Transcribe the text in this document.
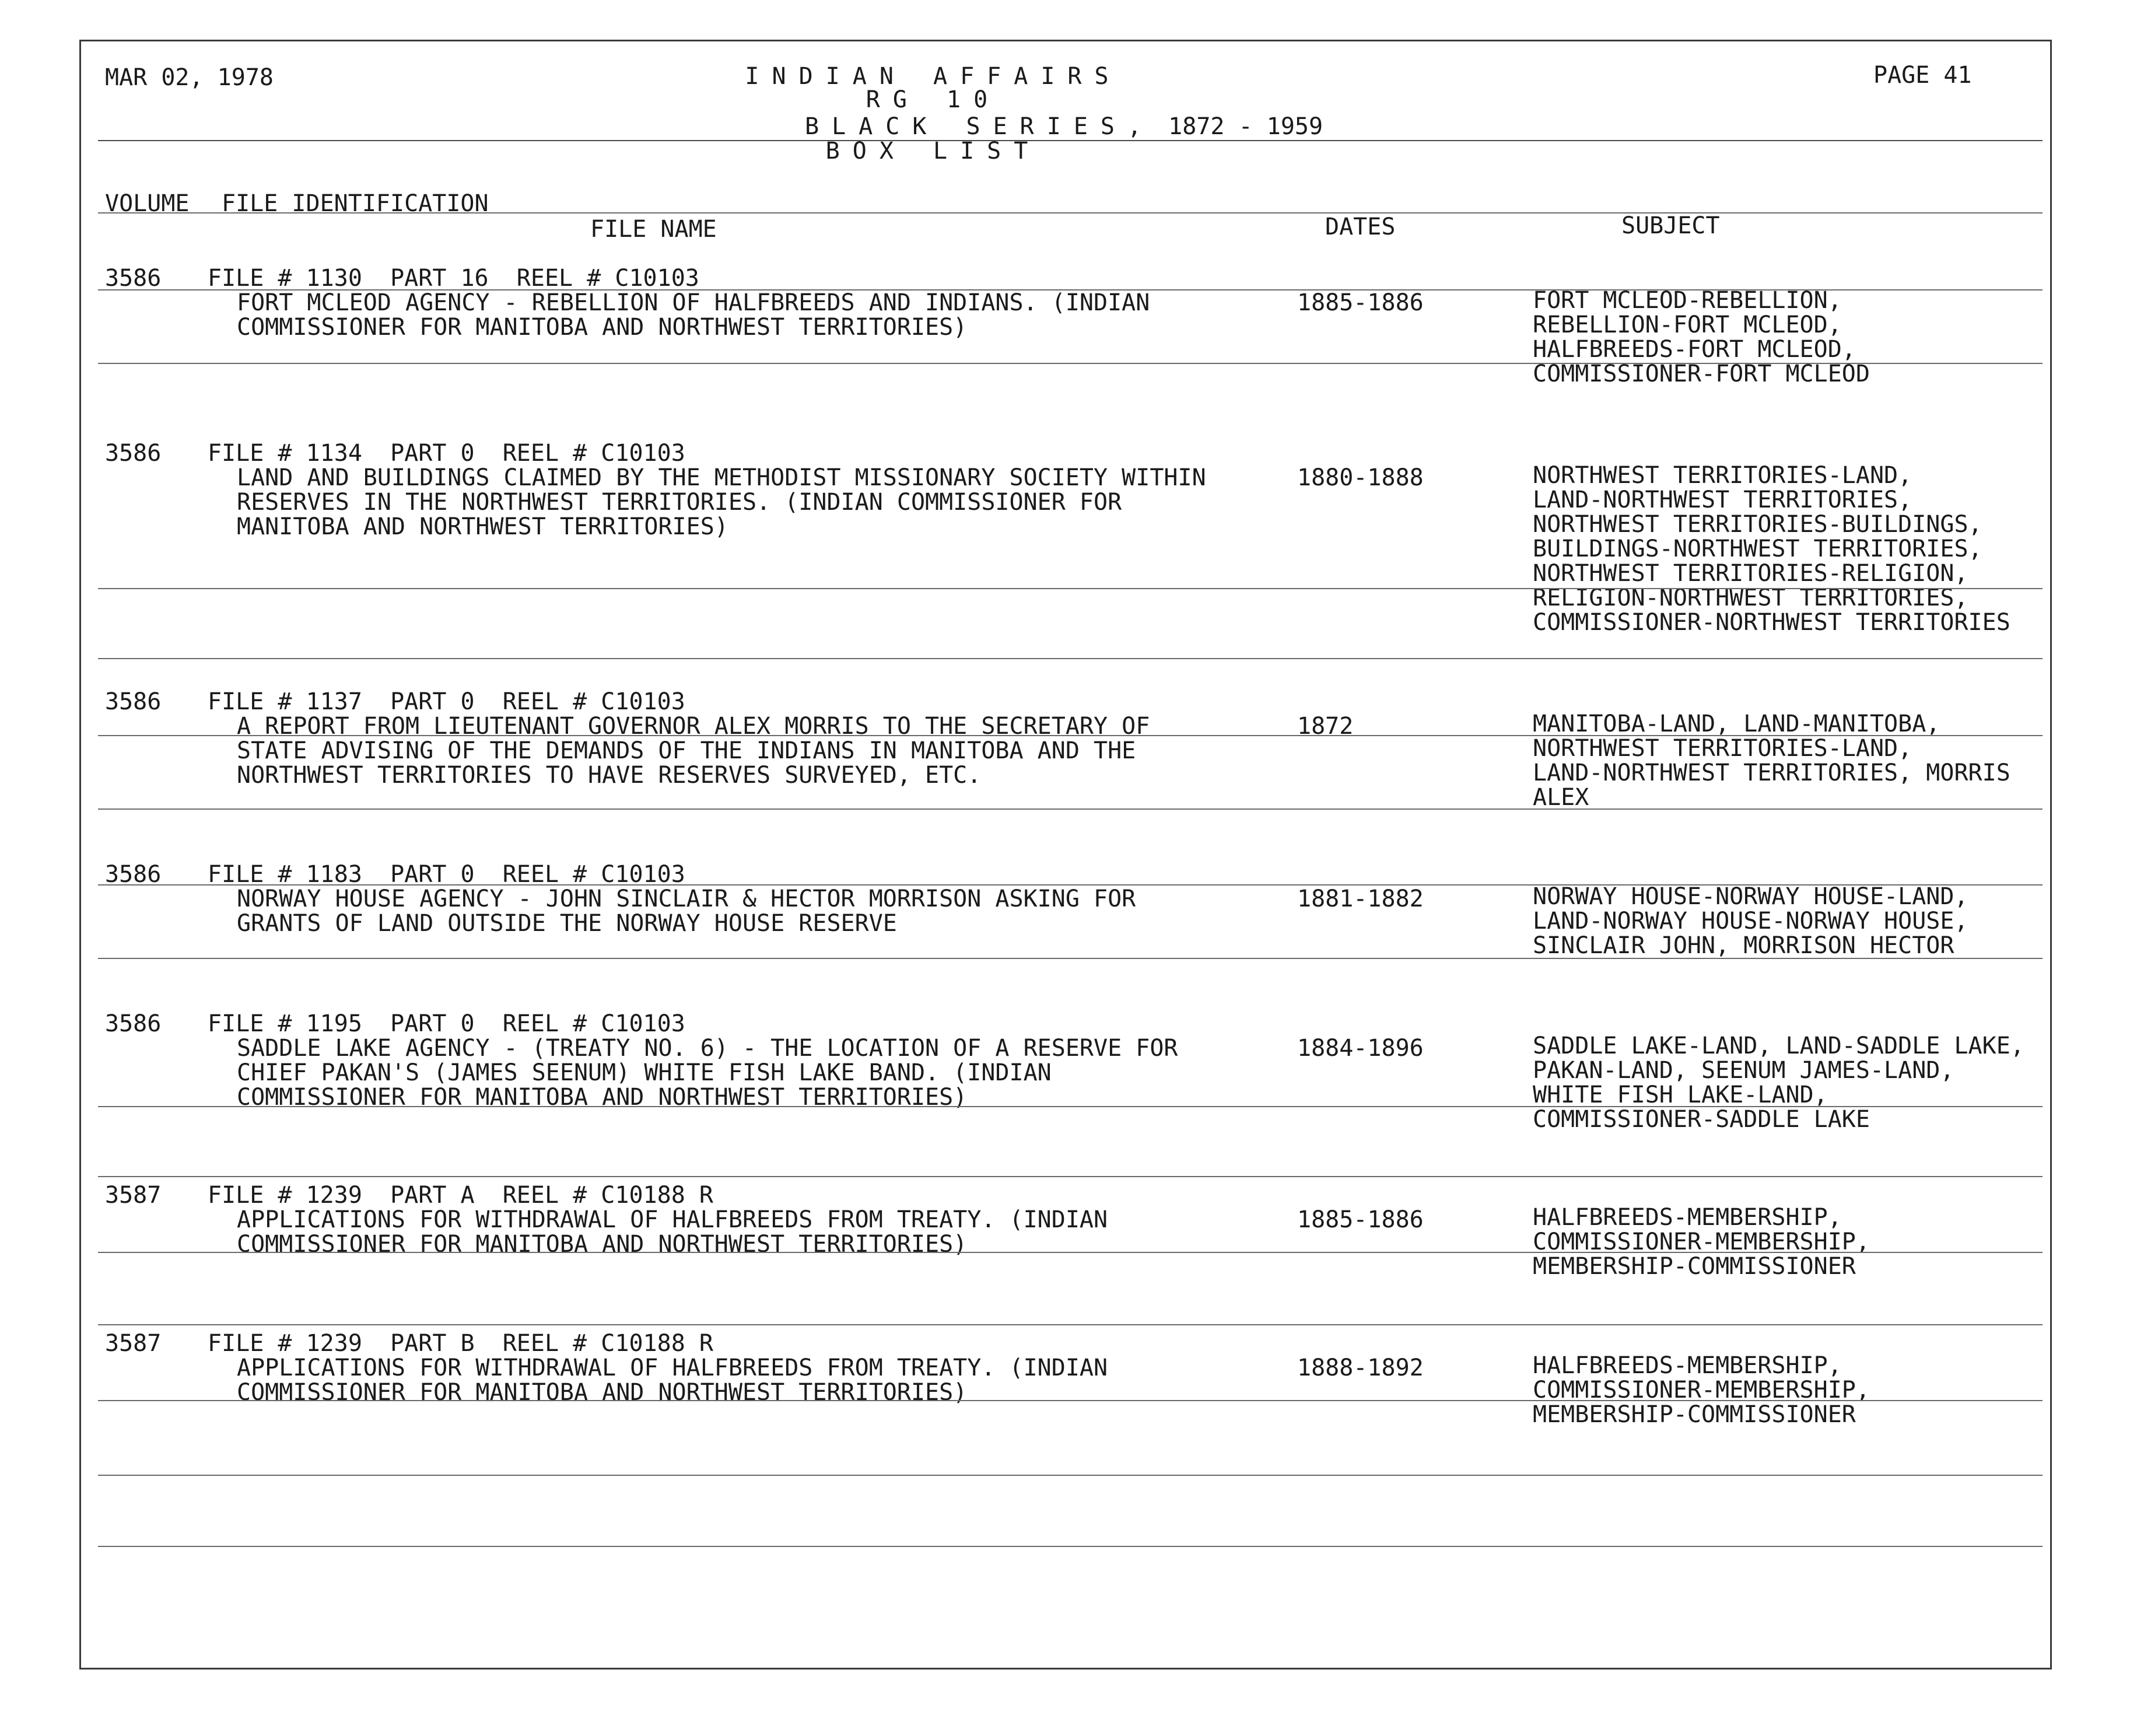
MAR 02, 1978	INDIAN AFFAIRS
RG 10
BLACK SERIES, 1872 - 1959
BOX LIST
PAGE 41
VOLUME FILE IDENTIFICATION
FILE NAME	DATES	SUBJECT
3586 FILE # 1130  PART 16  REEL # C10103
FORT MCLEOD AGENCY - REBELLION OF HALFBREEDS AND INDIANS. (INDIAN
COMMISSIONER FOR MANITOBA AND NORTHWEST TERRITORIES)
1885-1886	FORT MCLEOD-REBELLION,
REBELLION-FORT MCLEOD,
HALFBREEDS-FORT MCLEOD,
COMMISSIONER-FORT MCLEOD
3586 FILE # 1134  PART 0  REEL # C10103
LAND AND BUILDINGS CLAIMED BY THE METHODIST MISSIONARY SOCIETY WITHIN
RESERVES IN THE NORTHWEST TERRITORIES. (INDIAN COMMISSIONER FOR
MANITOBA AND NORTHWEST TERRITORIES)
1880-1888	NORTHWEST TERRITORIES-LAND,
LAND-NORTHWEST TERRITORIES,
NORTHWEST TERRITORIES-BUILDINGS,
BUILDINGS-NORTHWEST TERRITORIES,
NORTHWEST TERRITORIES-RELIGION,
RELIGION-NORTHWEST TERRITORIES,
COMMISSIONER-NORTHWEST TERRITORIES
3586 FILE # 1137  PART 0  REEL # C10103
A REPORT FROM LIEUTENANT GOVERNOR ALEX MORRIS TO THE SECRETARY OF
STATE ADVISING OF THE DEMANDS OF THE INDIANS IN MANITOBA AND THE
NORTHWEST TERRITORIES TO HAVE RESERVES SURVEYED, ETC.
1872	MANITOBA-LAND, LAND-MANITOBA,
NORTHWEST TERRITORIES-LAND,
LAND-NORTHWEST TERRITORIES, MORRIS
ALEX
3586 FILE # 1183  PART 0  REEL # C10103
NORWAY HOUSE AGENCY - JOHN SINCLAIR & HECTOR MORRISON ASKING FOR
GRANTS OF LAND OUTSIDE THE NORWAY HOUSE RESERVE
1881-1882	NORWAY HOUSE-NORWAY HOUSE-LAND,
LAND-NORWAY HOUSE-NORWAY HOUSE,
SINCLAIR JOHN, MORRISON HECTOR
3586 FILE # 1195  PART 0  REEL # C10103
SADDLE LAKE AGENCY - (TREATY NO. 6) - THE LOCATION OF A RESERVE FOR
CHIEF PAKAN'S (JAMES SEENUM) WHITE FISH LAKE BAND. (INDIAN
COMMISSIONER FOR MANITOBA AND NORTHWEST TERRITORIES)
1884-1896	SADDLE LAKE-LAND, LAND-SADDLE LAKE,
PAKAN-LAND, SEENUM JAMES-LAND,
WHITE FISH LAKE-LAND,
COMMISSIONER-SADDLE LAKE
3587 FILE # 1239  PART A  REEL # C10188 R
APPLICATIONS FOR WITHDRAWAL OF HALFBREEDS FROM TREATY. (INDIAN
COMMISSIONER FOR MANITOBA AND NORTHWEST TERRITORIES)
1885-1886	HALFBREEDS-MEMBERSHIP,
COMMISSIONER-MEMBERSHIP,
MEMBERSHIP-COMMISSIONER
3587 FILE # 1239  PART B  REEL # C10188 R
APPLICATIONS FOR WITHDRAWAL OF HALFBREEDS FROM TREATY. (INDIAN
COMMISSIONER FOR MANITOBA AND NORTHWEST TERRITORIES)
1888-1892	HALFBREEDS-MEMBERSHIP,
COMMISSIONER-MEMBERSHIP,
MEMBERSHIP-COMMISSIONER
